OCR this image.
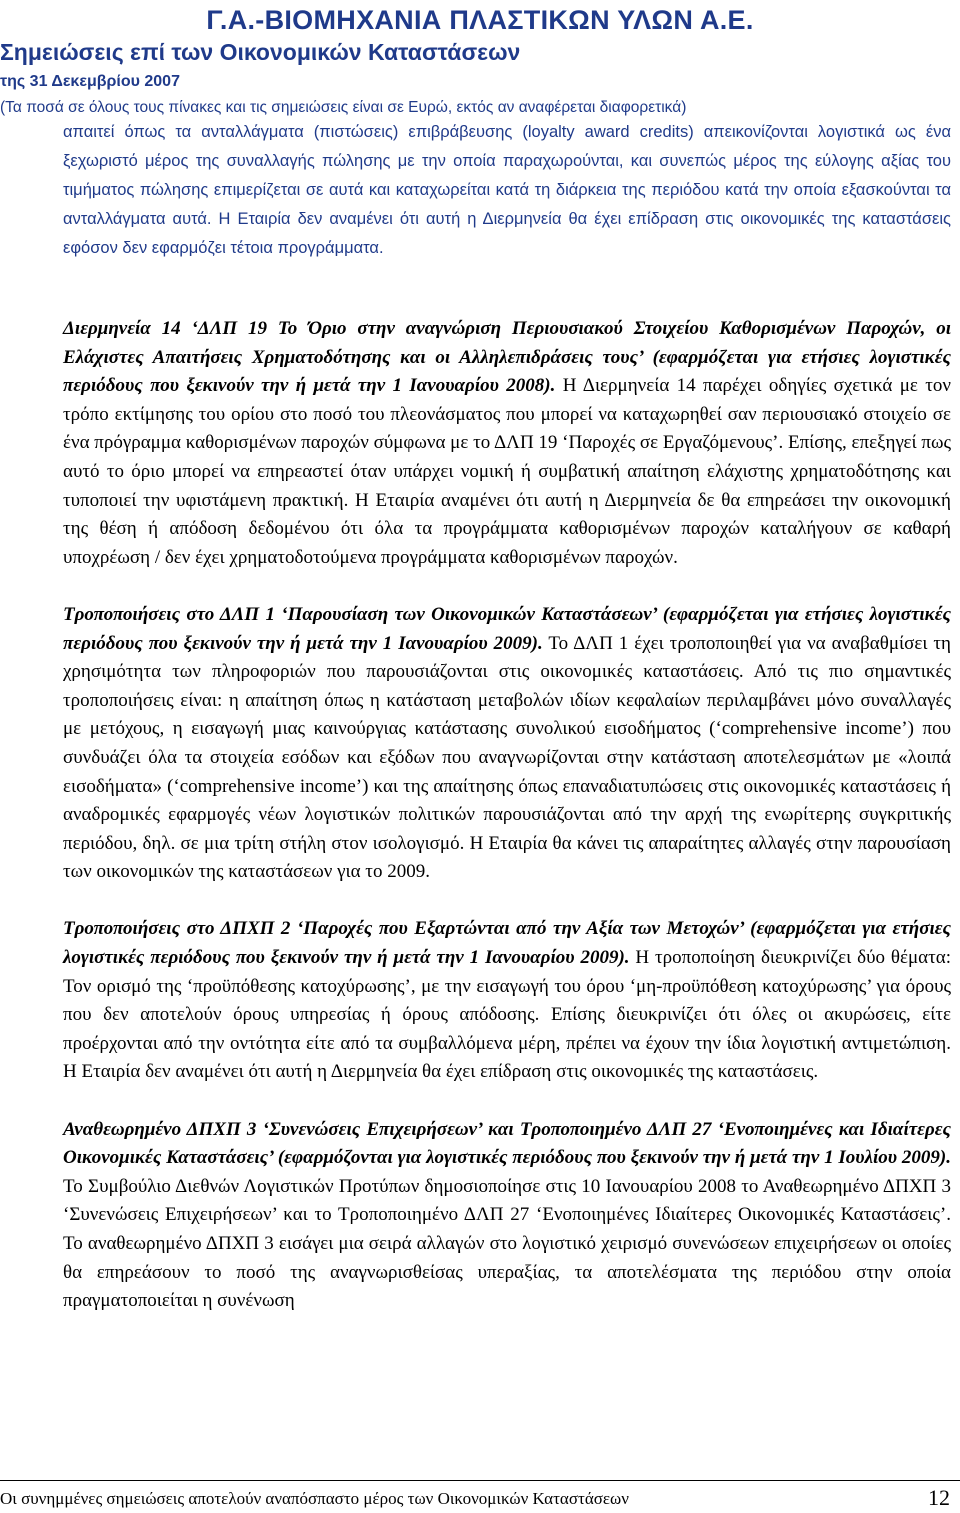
Γ.Α.-ΒΙΟΜΗΧΑΝΙΑ ΠΛΑΣΤΙΚΩΝ ΥΛΩΝ Α.Ε.
Σημειώσεις επί των Οικονομικών Καταστάσεων
της 31 Δεκεμβρίου 2007
(Τα ποσά σε όλους τους πίνακες και τις σημειώσεις είναι σε Ευρώ, εκτός αν αναφέρεται διαφορετικά)
απαιτεί όπως τα ανταλλάγματα (πιστώσεις) επιβράβευσης (loyalty award credits) απεικονίζονται λογιστικά ως ένα ξεχωριστό μέρος της συναλλαγής πώλησης με την οποία παραχωρούνται, και συνεπώς μέρος της εύλογης αξίας του τιμήματος πώλησης επιμερίζεται σε αυτά και καταχωρείται κατά τη διάρκεια της περιόδου κατά την οποία εξασκούνται τα ανταλλάγματα αυτά. Η Εταιρία δεν αναμένει ότι αυτή η Διερμηνεία θα έχει επίδραση στις οικονομικές της καταστάσεις εφόσον δεν εφαρμόζει τέτοια προγράμματα.

Διερμηνεία 14 ‘ΔΛΠ 19 Το Όριο στην αναγνώριση Περιουσιακού Στοιχείου Καθορισμένων Παροχών, οι Ελάχιστες Απαιτήσεις Χρηματοδότησης και οι Αλληλεπιδράσεις τους’ (εφαρμόζεται για ετήσιες λογιστικές περιόδους που ξεκινούν την ή μετά την 1 Ιανουαρίου 2008). Η Διερμηνεία 14 παρέχει οδηγίες σχετικά με τον τρόπο εκτίμησης του ορίου στο ποσό του πλεονάσματος που μπορεί να καταχωρηθεί σαν περιουσιακό στοιχείο σε ένα πρόγραμμα καθορισμένων παροχών σύμφωνα με το ΔΛΠ 19 ‘Παροχές σε Εργαζόμενους’. Επίσης, επεξηγεί πως αυτό το όριο μπορεί να επηρεαστεί όταν υπάρχει νομική ή συμβατική απαίτηση ελάχιστης χρηματοδότησης και τυποποιεί την υφιστάμενη πρακτική. Η Εταιρία αναμένει ότι αυτή η Διερμηνεία δε θα επηρεάσει την οικονομική της θέση ή απόδοση δεδομένου ότι όλα τα προγράμματα καθορισμένων παροχών καταλήγουν σε καθαρή υποχρέωση / δεν έχει χρηματοδοτούμενα προγράμματα καθορισμένων παροχών.

Τροποποιήσεις στο ΔΛΠ 1 ‘Παρουσίαση των Οικονομικών Καταστάσεων’ (εφαρμόζεται για ετήσιες λογιστικές περιόδους που ξεκινούν την ή μετά την 1 Ιανουαρίου 2009). Το ΔΛΠ 1 έχει τροποποιηθεί για να αναβαθμίσει τη χρησιμότητα των πληροφοριών που παρουσιάζονται στις οικονομικές καταστάσεις. Από τις πιο σημαντικές τροποποιήσεις είναι: η απαίτηση όπως η κατάσταση μεταβολών ιδίων κεφαλαίων περιλαμβάνει μόνο συναλλαγές με μετόχους, η εισαγωγή μιας καινούργιας κατάστασης συνολικού εισοδήματος (‘comprehensive income’) που συνδυάζει όλα τα στοιχεία εσόδων και εξόδων που αναγνωρίζονται στην κατάσταση αποτελεσμάτων με «λοιπά εισοδήματα» (‘comprehensive income’) και της απαίτησης όπως επαναδιατυπώσεις στις οικονομικές καταστάσεις ή αναδρομικές εφαρμογές νέων λογιστικών πολιτικών παρουσιάζονται από την αρχή της ενωρίτερης συγκριτικής περιόδου, δηλ. σε μια τρίτη στήλη στον ισολογισμό. Η Εταιρία θα κάνει τις απαραίτητες αλλαγές στην παρουσίαση των οικονομικών της καταστάσεων για το 2009.

Τροποποιήσεις στο ΔΠΧΠ 2 ‘Παροχές που Εξαρτώνται από την Αξία των Μετοχών’ (εφαρμόζεται για ετήσιες λογιστικές περιόδους που ξεκινούν την ή μετά την 1 Ιανουαρίου 2009). Η τροποποίηση διευκρινίζει δύο θέματα: Τον ορισμό της ‘προϋπόθεσης κατοχύρωσης’, με την εισαγωγή του όρου ‘μη-προϋπόθεση κατοχύρωσης’ για όρους που δεν αποτελούν όρους υπηρεσίας ή όρους απόδοσης. Επίσης διευκρινίζει ότι όλες οι ακυρώσεις, είτε προέρχονται από την οντότητα είτε από τα συμβαλλόμενα μέρη, πρέπει να έχουν την ίδια λογιστική αντιμετώπιση. Η Εταιρία δεν αναμένει ότι αυτή η Διερμηνεία θα έχει επίδραση στις οικονομικές της καταστάσεις.

Αναθεωρημένο ΔΠΧΠ 3 ‘Συνενώσεις Επιχειρήσεων’ και Τροποποιημένο ΔΛΠ 27 ‘Ενοποιημένες και Ιδιαίτερες Οικονομικές Καταστάσεις’ (εφαρμόζονται για λογιστικές περιόδους που ξεκινούν την ή μετά την 1 Ιουλίου 2009). Το Συμβούλιο Διεθνών Λογιστικών Προτύπων δημοσιοποίησε στις 10 Ιανουαρίου 2008 το Αναθεωρημένο ΔΠΧΠ 3 ‘Συνενώσεις Επιχειρήσεων’ και το Τροποποιημένο ΔΛΠ 27 ‘Ενοποιημένες Ιδιαίτερες Οικονομικές Καταστάσεις’. Το αναθεωρημένο ΔΠΧΠ 3 εισάγει μια σειρά αλλαγών στο λογιστικό χειρισμό συνενώσεων επιχειρήσεων οι οποίες θα επηρεάσουν το ποσό της αναγνωρισθείσας υπεραξίας, τα αποτελέσματα της περιόδου στην οποία πραγματοποιείται η συνένωση

Οι συνημμένες σημειώσεις αποτελούν αναπόσπαστο μέρος των Οικονομικών Καταστάσεων	12
